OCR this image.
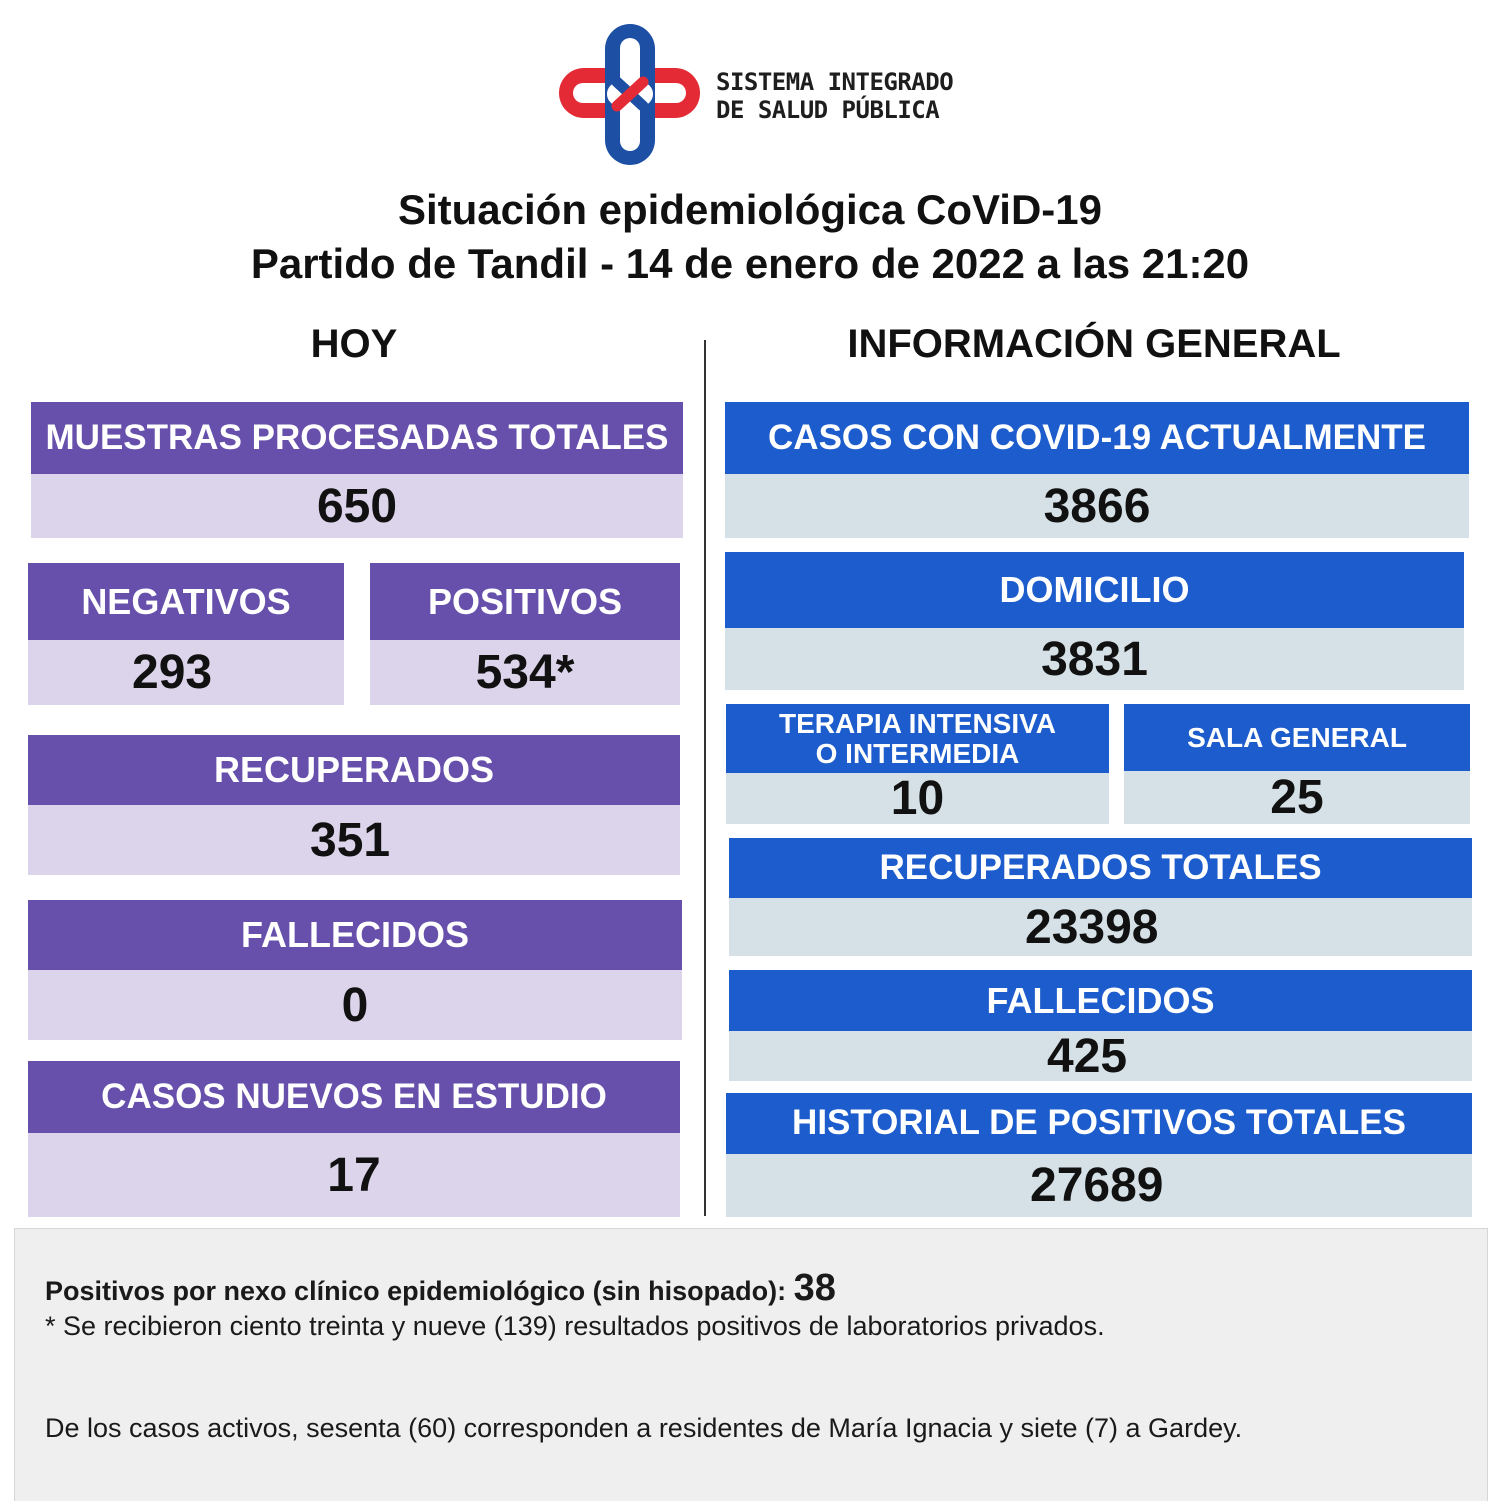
SISTEMA INTEGRADO
DE SALUD PÚBLICA
Situación epidemiológica CoViD-19
Partido de Tandil - 14 de enero de 2022 a las 21:20
HOY	INFORMACIÓN GENERAL
MUESTRAS PROCESADAS TOTALES
650
NEGATIVOS
293
POSITIVOS
534*
RECUPERADOS
351
FALLECIDOS
0
CASOS NUEVOS EN ESTUDIO
17
CASOS CON COVID-19 ACTUALMENTE
3866
DOMICILIO
3831
TERAPIA INTENSIVA
O INTERMEDIA
10
SALA GENERAL
25
RECUPERADOS TOTALES
23398
FALLECIDOS
425
HISTORIAL DE POSITIVOS TOTALES
27689
Positivos por nexo clínico epidemiológico (sin hisopado): 38
* Se recibieron ciento treinta y nueve (139) resultados positivos de laboratorios privados.
De los casos activos, sesenta (60) corresponden a residentes de María Ignacia y siete (7) a Gardey.
